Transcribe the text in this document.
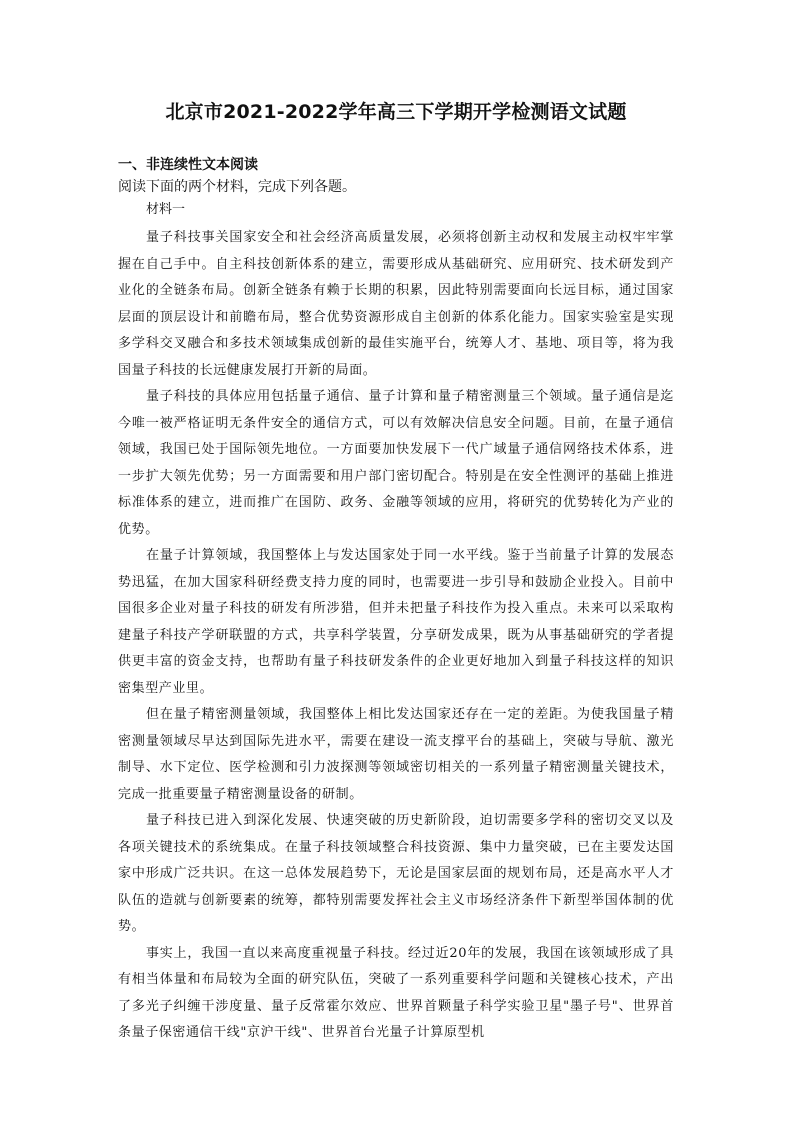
北京市2021-2022学年高三下学期开学检测语文试题

一、非连续性文本阅读

阅读下面的两个材料，完成下列各题。

材料一

量子科技事关国家安全和社会经济高质量发展，必须将创新主动权和发展主动权牢牢掌握在自己手中。自主科技创新体系的建立，需要形成从基础研究、应用研究、技术研发到产业化的全链条布局。创新全链条有赖于长期的积累，因此特别需要面向长远目标，通过国家层面的顶层设计和前瞻布局，整合优势资源形成自主创新的体系化能力。国家实验室是实现多学科交叉融合和多技术领域集成创新的最佳实施平台，统筹人才、基地、项目等，将为我国量子科技的长远健康发展打开新的局面。

量子科技的具体应用包括量子通信、量子计算和量子精密测量三个领域。量子通信是迄今唯一被严格证明无条件安全的通信方式，可以有效解决信息安全问题。目前，在量子通信领域，我国已处于国际领先地位。一方面要加快发展下一代广域量子通信网络技术体系，进一步扩大领先优势；另一方面需要和用户部门密切配合。特别是在安全性测评的基础上推进标准体系的建立，进而推广在国防、政务、金融等领域的应用，将研究的优势转化为产业的优势。

在量子计算领域，我国整体上与发达国家处于同一水平线。鉴于当前量子计算的发展态势迅猛，在加大国家科研经费支持力度的同时，也需要进一步引导和鼓励企业投入。目前中国很多企业对量子科技的研发有所涉猎，但并未把量子科技作为投入重点。未来可以采取构建量子科技产学研联盟的方式，共享科学装置，分享研发成果，既为从事基础研究的学者提供更丰富的资金支持，也帮助有量子科技研发条件的企业更好地加入到量子科技这样的知识密集型产业里。

但在量子精密测量领域，我国整体上相比发达国家还存在一定的差距。为使我国量子精密测量领域尽早达到国际先进水平，需要在建设一流支撑平台的基础上，突破与导航、激光制导、水下定位、医学检测和引力波探测等领域密切相关的一系列量子精密测量关键技术，完成一批重要量子精密测量设备的研制。

量子科技已进入到深化发展、快速突破的历史新阶段，迫切需要多学科的密切交叉以及各项关键技术的系统集成。在量子科技领域整合科技资源、集中力量突破，已在主要发达国家中形成广泛共识。在这一总体发展趋势下，无论是国家层面的规划布局，还是高水平人才队伍的造就与创新要素的统筹，都特别需要发挥社会主义市场经济条件下新型举国体制的优势。

事实上，我国一直以来高度重视量子科技。经过近20年的发展，我国在该领域形成了具有相当体量和布局较为全面的研究队伍，突破了一系列重要科学问题和关键核心技术，产出了多光子纠缠干涉度量、量子反常霍尔效应、世界首颗量子科学实验卫星"墨子号"、世界首条量子保密通信干线"京沪干线"、世界首台光量子计算原型机
